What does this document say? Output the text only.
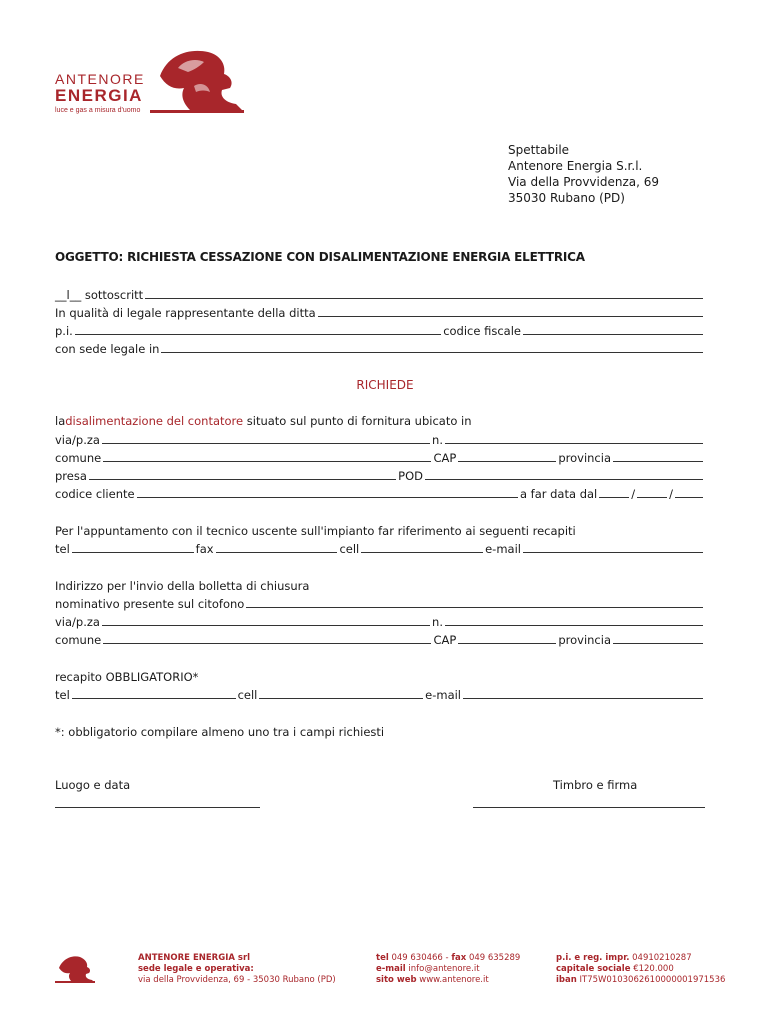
ANTENORE
ENERGIA
luce e gas a misura d'uomo
Spettabile
Antenore Energia S.r.l.
Via della Provvidenza, 69
35030 Rubano (PD)
OGGETTO: RICHIESTA CESSAZIONE CON DISALIMENTAZIONE ENERGIA ELETTRICA
__l__ sottoscritt
In qualità di legale rappresentante della ditta
p.i.	codice fiscale
con sede legale in
RICHIEDE
la disalimentazione del contatore situato sul punto di fornitura ubicato in
via/p.za	n.
comune	CAP	provincia
presa	POD
codice cliente	a far data dal	/	/
Per l'appuntamento con il tecnico uscente sull'impianto far riferimento ai seguenti recapiti
tel	fax	cell	e-mail
Indirizzo per l'invio della bolletta di chiusura
nominativo presente sul citofono
via/p.za	n.
comune	CAP	provincia
recapito OBBLIGATORIO*
tel	cell	e-mail
*: obbligatorio compilare almeno uno tra i campi richiesti
Luogo e data	Timbro e firma
ANTENORE ENERGIA srl
sede legale e operativa:
via della Provvidenza, 69 - 35030 Rubano (PD)
tel 049 630466 - fax 049 635289
e-mail info@antenore.it
sito web www.antenore.it
p.i. e reg. impr. 04910210287
capitale sociale €120.000
iban IT75W0103062610000001971536
